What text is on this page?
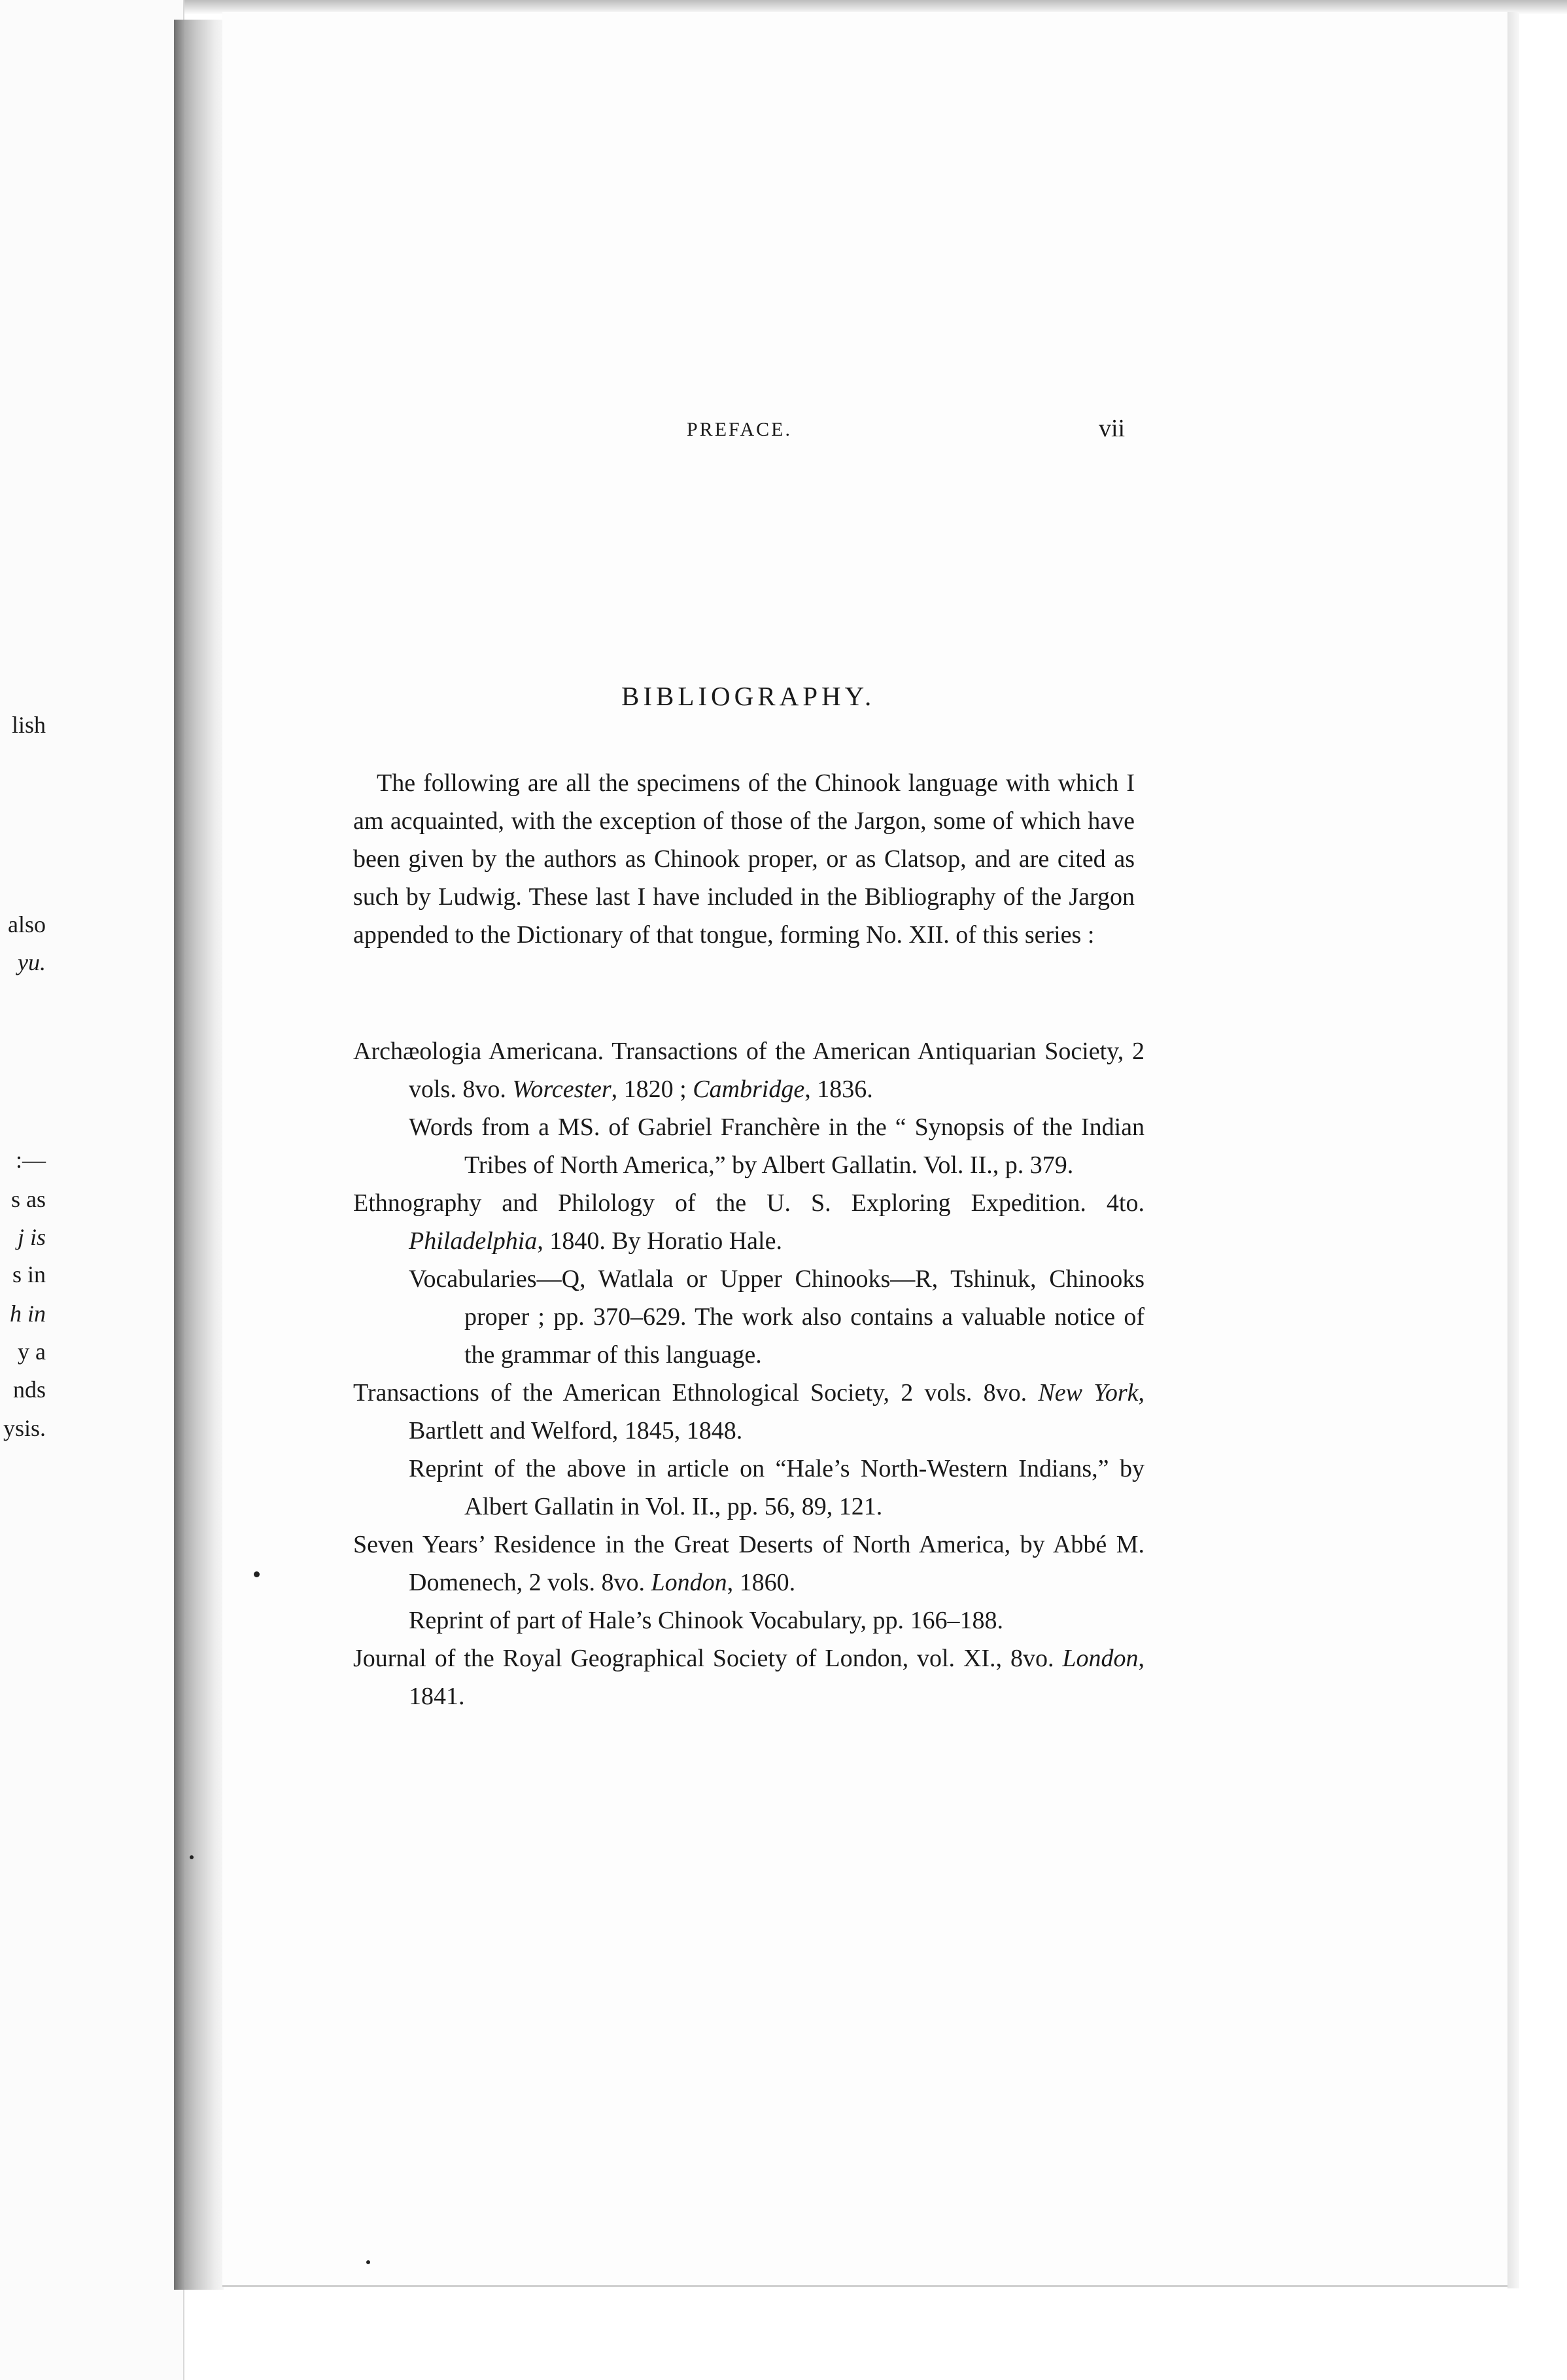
lish
also
yu.
:—
s as
j is
s in
h in
y a
nds
ysis.
PREFACE.	vii
BIBLIOGRAPHY.

The following are all the specimens of the Chinook language with which I am acquainted, with the exception of those of the Jargon, some of which have been given by the authors as Chinook proper, or as Clatsop, and are cited as such by Ludwig. These last I have included in the Bibliography of the Jargon appended to the Dictionary of that tongue, forming No. XII. of this series :

Archæologia Americana. Transactions of the American Antiquarian Society, 2 vols. 8vo. Worcester, 1820 ; Cambridge, 1836.
Words from a MS. of Gabriel Franchère in the “ Synopsis of the Indian Tribes of North America,” by Albert Gallatin. Vol. II., p. 379.
Ethnography and Philology of the U. S. Exploring Expedition. 4to. Philadelphia, 1840. By Horatio Hale.
Vocabularies—Q, Watlala or Upper Chinooks—R, Tshinuk, Chinooks proper ; pp. 370–629. The work also contains a valuable notice of the grammar of this language.
Transactions of the American Ethnological Society, 2 vols. 8vo. New York, Bartlett and Welford, 1845, 1848.
Reprint of the above in article on “Hale’s North-Western Indians,” by Albert Gallatin in Vol. II., pp. 56, 89, 121.
Seven Years’ Residence in the Great Deserts of North America, by Abbé M. Domenech, 2 vols. 8vo. London, 1860.
Reprint of part of Hale’s Chinook Vocabulary, pp. 166–188.
Journal of the Royal Geographical Society of London, vol. XI., 8vo. London, 1841.
